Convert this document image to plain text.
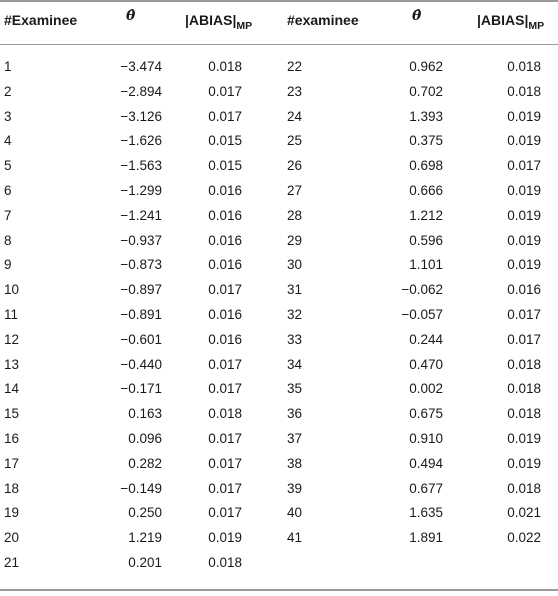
#Examinee	θ̂	$|ABIAS|_{MP}$ #examinee	θ̂	$|ABIAS|_{MP}$
1	−3.474	0.018	22	0.962	0.018
2	−2.894	0.017	23	0.702	0.018
3	−3.126	0.017	24	1.393	0.019
4	−1.626	0.015	25	0.375	0.019
5	−1.563	0.015	26	0.698	0.017
6	−1.299	0.016	27	0.666	0.019
7	−1.241	0.016	28	1.212	0.019
8	−0.937	0.016	29	0.596	0.019
9	−0.873	0.016	30	1.101	0.019
10	−0.897	0.017	31	−0.062	0.016
11	−0.891	0.016	32	−0.057	0.017
12	−0.601	0.016	33	0.244	0.017
13	−0.440	0.017	34	0.470	0.018
14	−0.171	0.017	35	0.002	0.018
15	0.163	0.018	36	0.675	0.018
16	0.096	0.017	37	0.910	0.019
17	0.282	0.017	38	0.494	0.019
18	−0.149	0.017	39	0.677	0.018
19	0.250	0.017	40	1.635	0.021
20	1.219	0.019	41	1.891	0.022
21	0.201	0.018
